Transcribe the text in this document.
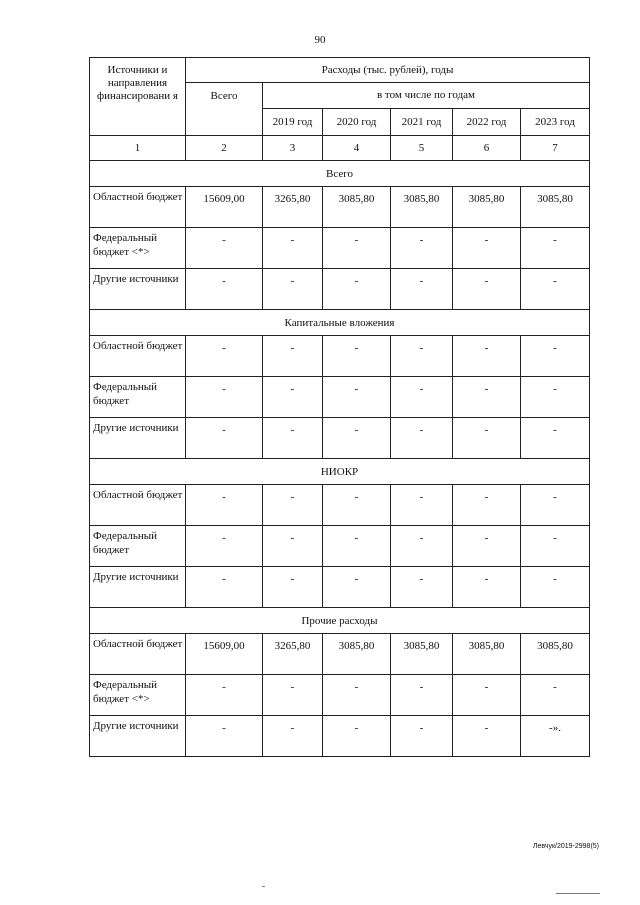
90
Источники и направления финансировани я	Расходы (тыс. рублей), годы					
	Всего	в том числе по годам				
		2019 год	2020 год	2021 год	2022 год	2023 год
1	2	3	4	5	6	7
Всего						
Областной бюджет	15609,00	3265,80	3085,80	3085,80	3085,80	3085,80
Федеральный бюджет <*>	-	-	-	-	-	-
Другие источники	-	-	-	-	-	-
Капитальные вложения						
Областной бюджет	-	-	-	-	-	-
Федеральный бюджет	-	-	-	-	-	-
Другие источники	-	-	-	-	-	-
НИОКР						
Областной бюджет	-	-	-	-	-	-
Федеральный бюджет	-	-	-	-	-	-
Другие источники	-	-	-	-	-	-
Прочие расходы						
Областной бюджет	15609,00	3265,80	3085,80	3085,80	3085,80	3085,80
Федеральный бюджет <*>	-	-	-	-	-	-
Другие источники	-	-	-	-	-	-».
Левчук/2019-2998(5)
